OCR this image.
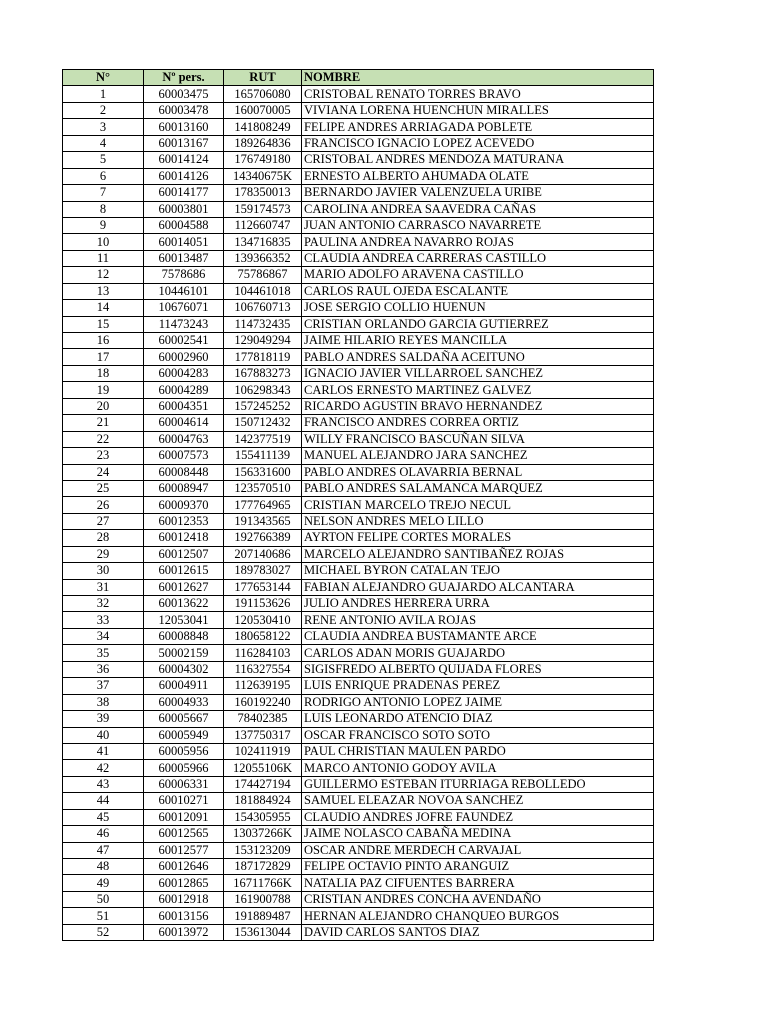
N°	Nº pers.	RUT	NOMBRE
1	60003475	165706080	CRISTOBAL RENATO TORRES BRAVO
2	60003478	160070005	VIVIANA LORENA HUENCHUN MIRALLES
3	60013160	141808249	FELIPE ANDRES ARRIAGADA POBLETE
4	60013167	189264836	FRANCISCO IGNACIO LOPEZ ACEVEDO
5	60014124	176749180	CRISTOBAL ANDRES MENDOZA MATURANA
6	60014126	14340675K	ERNESTO ALBERTO AHUMADA OLATE
7	60014177	178350013	BERNARDO JAVIER VALENZUELA URIBE
8	60003801	159174573	CAROLINA ANDREA SAAVEDRA CAÑAS
9	60004588	112660747	JUAN ANTONIO CARRASCO NAVARRETE
10	60014051	134716835	PAULINA ANDREA NAVARRO ROJAS
11	60013487	139366352	CLAUDIA ANDREA CARRERAS CASTILLO
12	7578686	75786867	MARIO ADOLFO ARAVENA CASTILLO
13	10446101	104461018	CARLOS RAUL OJEDA ESCALANTE
14	10676071	106760713	JOSE SERGIO COLLIO HUENUN
15	11473243	114732435	CRISTIAN ORLANDO GARCIA GUTIERREZ
16	60002541	129049294	JAIME HILARIO REYES MANCILLA
17	60002960	177818119	PABLO ANDRES SALDAÑA ACEITUNO
18	60004283	167883273	IGNACIO JAVIER VILLARROEL SANCHEZ
19	60004289	106298343	CARLOS ERNESTO MARTINEZ GALVEZ
20	60004351	157245252	RICARDO AGUSTIN BRAVO HERNANDEZ
21	60004614	150712432	FRANCISCO ANDRES CORREA ORTIZ
22	60004763	142377519	WILLY FRANCISCO BASCUÑAN SILVA
23	60007573	155411139	MANUEL ALEJANDRO JARA SANCHEZ
24	60008448	156331600	PABLO ANDRES OLAVARRIA BERNAL
25	60008947	123570510	PABLO ANDRES SALAMANCA MARQUEZ
26	60009370	177764965	CRISTIAN MARCELO TREJO NECUL
27	60012353	191343565	NELSON ANDRES MELO LILLO
28	60012418	192766389	AYRTON FELIPE CORTES MORALES
29	60012507	207140686	MARCELO ALEJANDRO SANTIBAÑEZ ROJAS
30	60012615	189783027	MICHAEL BYRON CATALAN TEJO
31	60012627	177653144	FABIAN ALEJANDRO GUAJARDO ALCANTARA
32	60013622	191153626	JULIO ANDRES HERRERA URRA
33	12053041	120530410	RENE ANTONIO AVILA ROJAS
34	60008848	180658122	CLAUDIA ANDREA BUSTAMANTE ARCE
35	50002159	116284103	CARLOS ADAN MORIS GUAJARDO
36	60004302	116327554	SIGISFREDO ALBERTO QUIJADA FLORES
37	60004911	112639195	LUIS ENRIQUE PRADENAS PEREZ
38	60004933	160192240	RODRIGO ANTONIO LOPEZ JAIME
39	60005667	78402385	LUIS LEONARDO ATENCIO DIAZ
40	60005949	137750317	OSCAR FRANCISCO SOTO SOTO
41	60005956	102411919	PAUL CHRISTIAN MAULEN PARDO
42	60005966	12055106K	MARCO ANTONIO GODOY AVILA
43	60006331	174427194	GUILLERMO ESTEBAN ITURRIAGA REBOLLEDO
44	60010271	181884924	SAMUEL ELEAZAR NOVOA SANCHEZ
45	60012091	154305955	CLAUDIO ANDRES JOFRE FAUNDEZ
46	60012565	13037266K	JAIME NOLASCO CABAÑA MEDINA
47	60012577	153123209	OSCAR ANDRE MERDECH CARVAJAL
48	60012646	187172829	FELIPE OCTAVIO PINTO ARANGUIZ
49	60012865	16711766K	NATALIA PAZ CIFUENTES BARRERA
50	60012918	161900788	CRISTIAN ANDRES CONCHA AVENDAÑO
51	60013156	191889487	HERNAN ALEJANDRO CHANQUEO BURGOS
52	60013972	153613044	DAVID CARLOS SANTOS DIAZ
